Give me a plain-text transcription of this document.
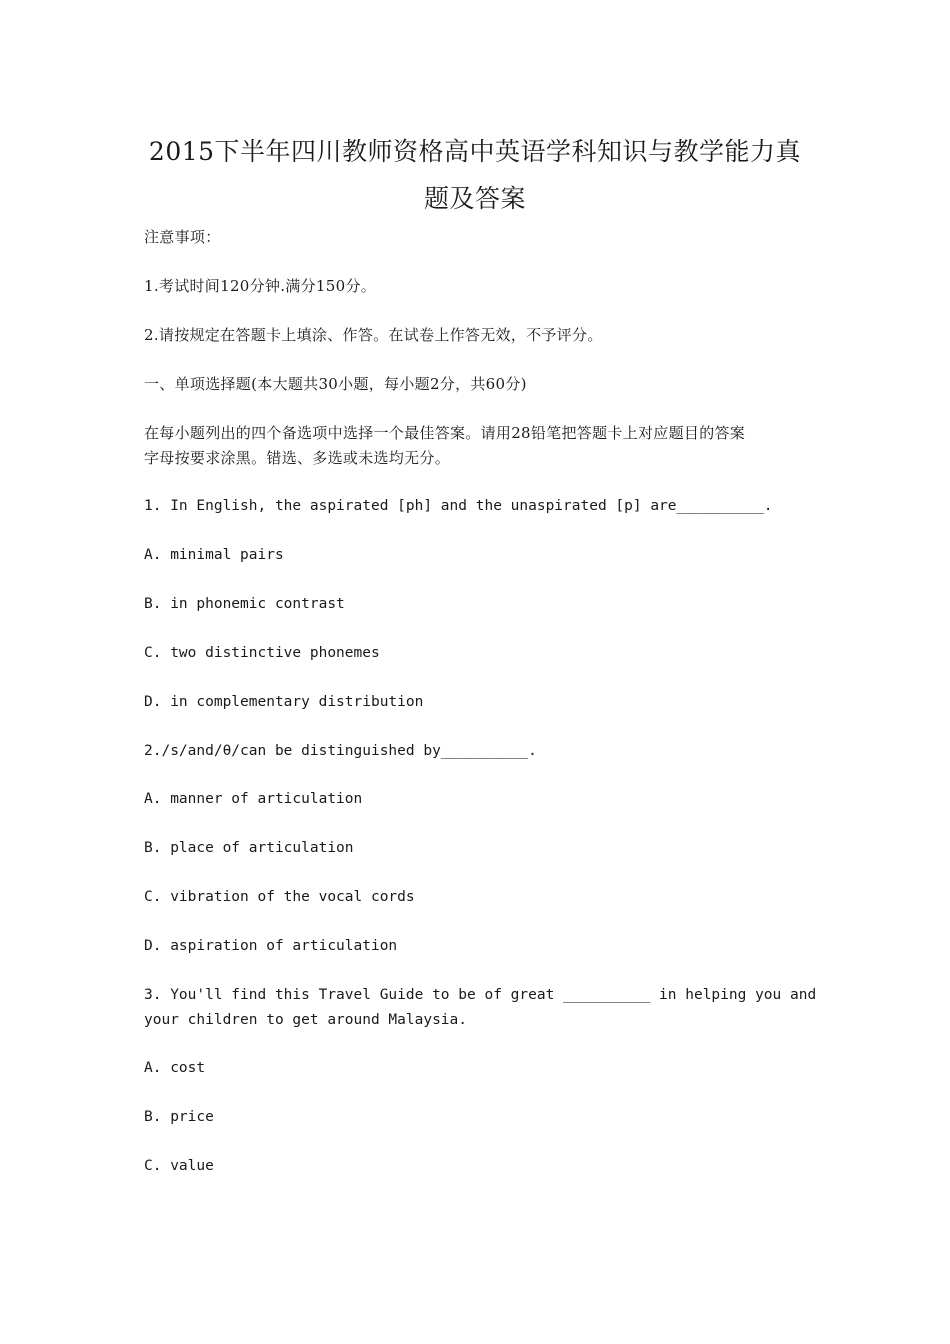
2015下半年四川教师资格高中英语学科知识与教学能力真
题及答案
注意事项：
1.考试时间120分钟.满分150分。
2.请按规定在答题卡上填涂、作答。在试卷上作答无效，不予评分。
一、单项选择题(本大题共30小题，每小题2分，共60分)
在每小题列出的四个备选项中选择一个最佳答案。请用28铅笔把答题卡上对应题目的答案
字母按要求涂黑。错选、多选或未选均无分。
1. In English, the aspirated [ph] and the unaspirated [p] are__________.
A. minimal pairs
B. in phonemic contrast
C. two distinctive phonemes
D. in complementary distribution
2./s/and/θ/can be distinguished by__________.
A. manner of articulation
B. place of articulation
C. vibration of the vocal cords
D. aspiration of articulation
3. You'll find this Travel Guide to be of great __________ in helping you and
your children to get around Malaysia.
A. cost
B. price
C. value
